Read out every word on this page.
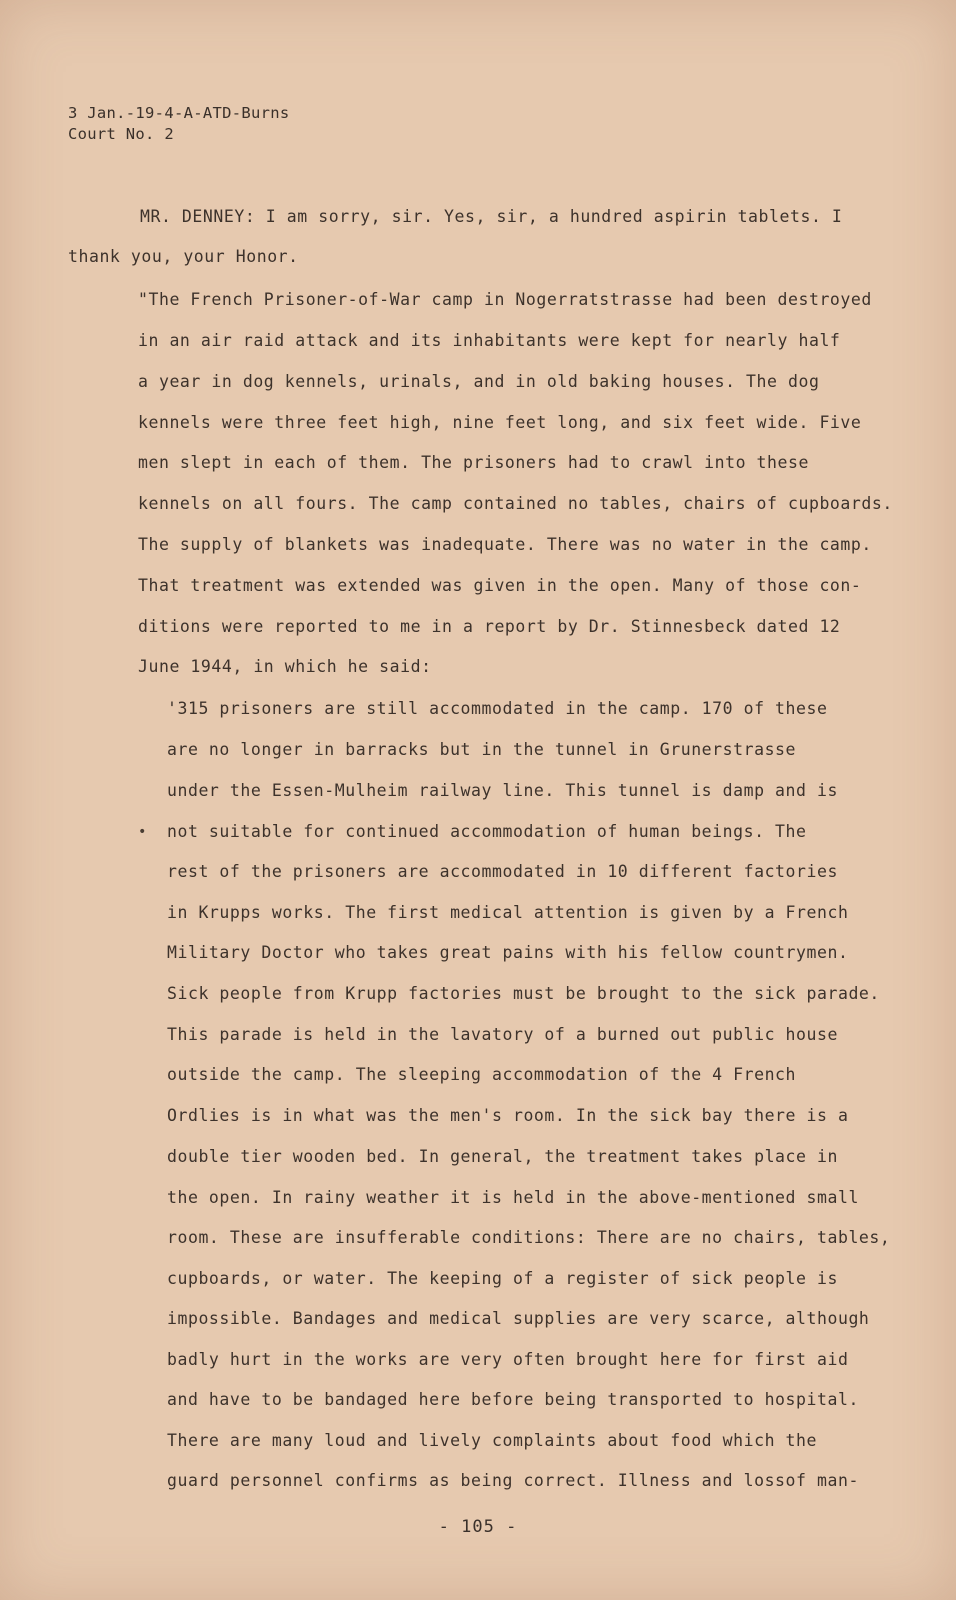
3 Jan.-19-4-A-ATD-Burns
Court No. 2
MR. DENNEY: I am sorry, sir. Yes, sir, a hundred aspirin tablets. I
thank you, your Honor.
"The French Prisoner-of-War camp in Nogerratstrasse had been destroyed
in an air raid attack and its inhabitants were kept for nearly half
a year in dog kennels, urinals, and in old baking houses. The dog
kennels were three feet high, nine feet long, and six feet wide. Five
men slept in each of them. The prisoners had to crawl into these
kennels on all fours. The camp contained no tables, chairs of cupboards.
The supply of blankets was inadequate. There was no water in the camp.
That treatment was extended was given in the open. Many of those con-
ditions were reported to me in a report by Dr. Stinnesbeck dated 12
June 1944, in which he said:
'315 prisoners are still accommodated in the camp. 170 of these
are no longer in barracks but in the tunnel in Grunerstrasse
under the Essen-Mulheim railway line. This tunnel is damp and is
• not suitable for continued accommodation of human beings. The
rest of the prisoners are accommodated in 10 different factories
in Krupps works. The first medical attention is given by a French
Military Doctor who takes great pains with his fellow countrymen.
Sick people from Krupp factories must be brought to the sick parade.
This parade is held in the lavatory of a burned out public house
outside the camp. The sleeping accommodation of the 4 French
Ordlies is in what was the men's room. In the sick bay there is a
double tier wooden bed. In general, the treatment takes place in
the open. In rainy weather it is held in the above-mentioned small
room. These are insufferable conditions: There are no chairs, tables,
cupboards, or water. The keeping of a register of sick people is
impossible. Bandages and medical supplies are very scarce, although
badly hurt in the works are very often brought here for first aid
and have to be bandaged here before being transported to hospital.
There are many loud and lively complaints about food which the
guard personnel confirms as being correct. Illness and lossof man-
- 105 -
